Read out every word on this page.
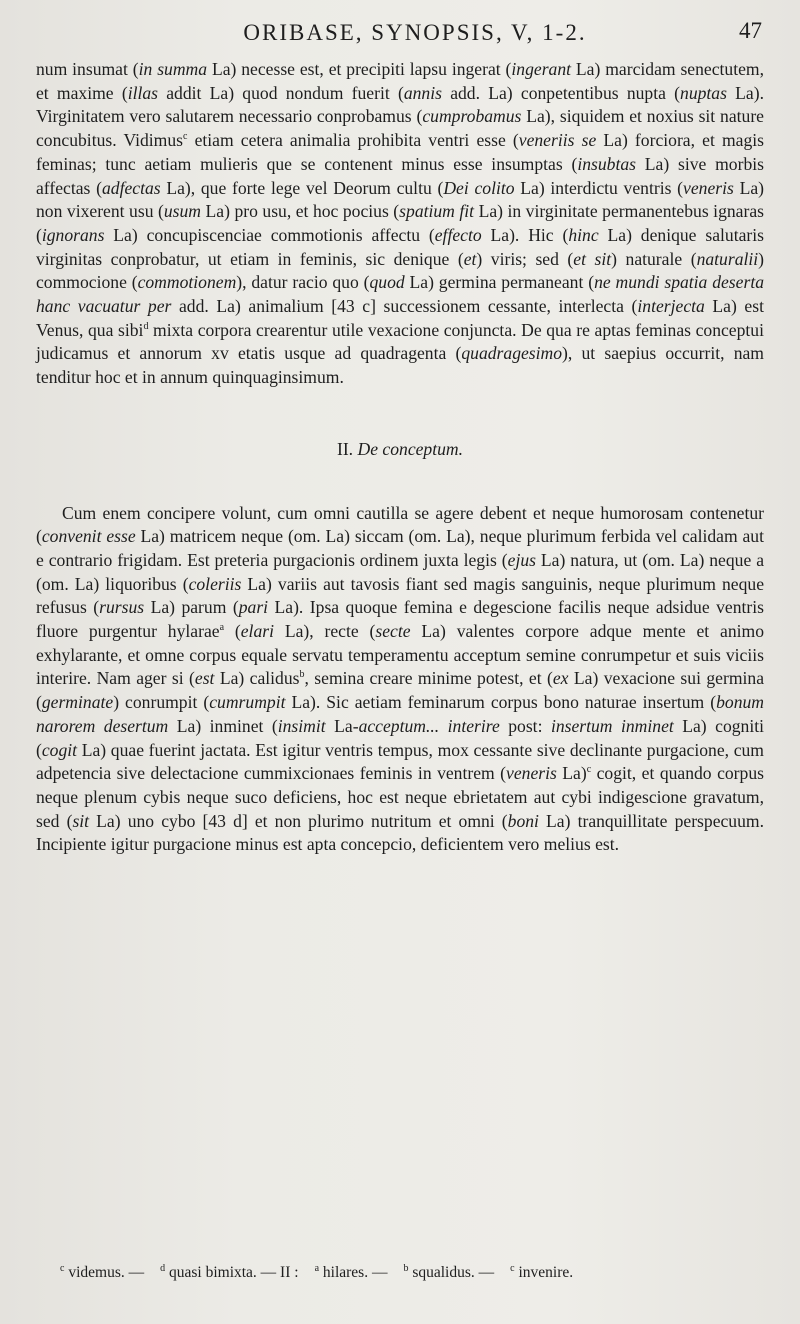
ORIBASE, SYNOPSIS, V, 1-2.	47

num insumat (in summa La) necesse est, et precipiti lapsu ingerat (ingerant La) marcidam senectutem, et maxime (illas addit La) quod nondum fuerit (annis add. La) conpetentibus nupta (nuptas La). Virginitatem vero salutarem necessario conprobamus (cumprobamus La), siquidem et noxius sit nature concubitus. Vidimus$^c$ etiam cetera animalia prohibita ventri esse (veneriis se La) forciora, et magis feminas; tunc aetiam mulieris que se contenent minus esse insumptas (insubtas La) sive morbis affectas (adfectas La), que forte lege vel Deorum cultu (Dei colito La) interdictu ventris (veneris La) non vixerent usu (usum La) pro usu, et hoc pocius (spatium fit La) in virginitate permanentebus ignaras (ignorans La) concupiscenciae commotionis affectu (effecto La). Hic (hinc La) denique salutaris virginitas conprobatur, ut etiam in feminis, sic denique (et) viris; sed (et sit) naturale (naturalii) commocione (commotionem), datur racio quo (quod La) germina permaneant (ne mundi spatia deserta hanc vacuatur per add. La) animalium [43 c] successionem cessante, interlecta (interjecta La) est Venus, qua sibi$^d$ mixta corpora crearentur utile vexacione conjuncta. De qua re aptas feminas conceptui judicamus et annorum xv etatis usque ad quadragenta (quadragesimo), ut saepius occurrit, nam tenditur hoc et in annum quinquaginsimum.

II. De conceptum.

Cum enem concipere volunt, cum omni cautilla se agere debent et neque humorosam contenetur (convenit esse La) matricem neque (om. La) siccam (om. La), neque plurimum ferbida vel calidam aut e contrario frigidam. Est preteria purgacionis ordinem juxta legis (ejus La) natura, ut (om. La) neque a (om. La) liquoribus (coleriis La) variis aut tavosis fiant sed magis sanguinis, neque plurimum neque refusus (rursus La) parum (pari La). Ipsa quoque femina e degescione facilis neque adsidue ventris fluore purgentur hylarae$^a$ (elari La), recte (secte La) valentes corpore adque mente et animo exhylarante, et omne corpus equale servatu temperamentu acceptum semine conrumpetur et suis viciis interire. Nam ager si (est La) calidus$^b$, semina creare minime potest, et (ex La) vexacione sui germina (germinate) conrumpit (cumrumpit La). Sic aetiam feminarum corpus bono naturae insertum (bonum narorem desertum La) inminet (insimit La-acceptum... interire post: insertum inminet La) cogniti (cogit La) quae fuerint jactata. Est igitur ventris tempus, mox cessante sive declinante purgacione, cum adpetencia sive delectacione cummixcionaes feminis in ventrem (veneris La)$^c$ cogit, et quando corpus neque plenum cybis neque suco deficiens, hoc est neque ebrietatem aut cybi indigescione gravatum, sed (sit La) uno cybo [43 d] et non plurimo nutritum et omni (boni La) tranquillitate perspecuum. Incipiente igitur purgacione minus est apta concepcio, deficientem vero melius est.

$^c$ videmus. — $^d$ quasi bimixta. — II : $^a$ hilares. — $^b$ squalidus. — $^c$ invenire.
